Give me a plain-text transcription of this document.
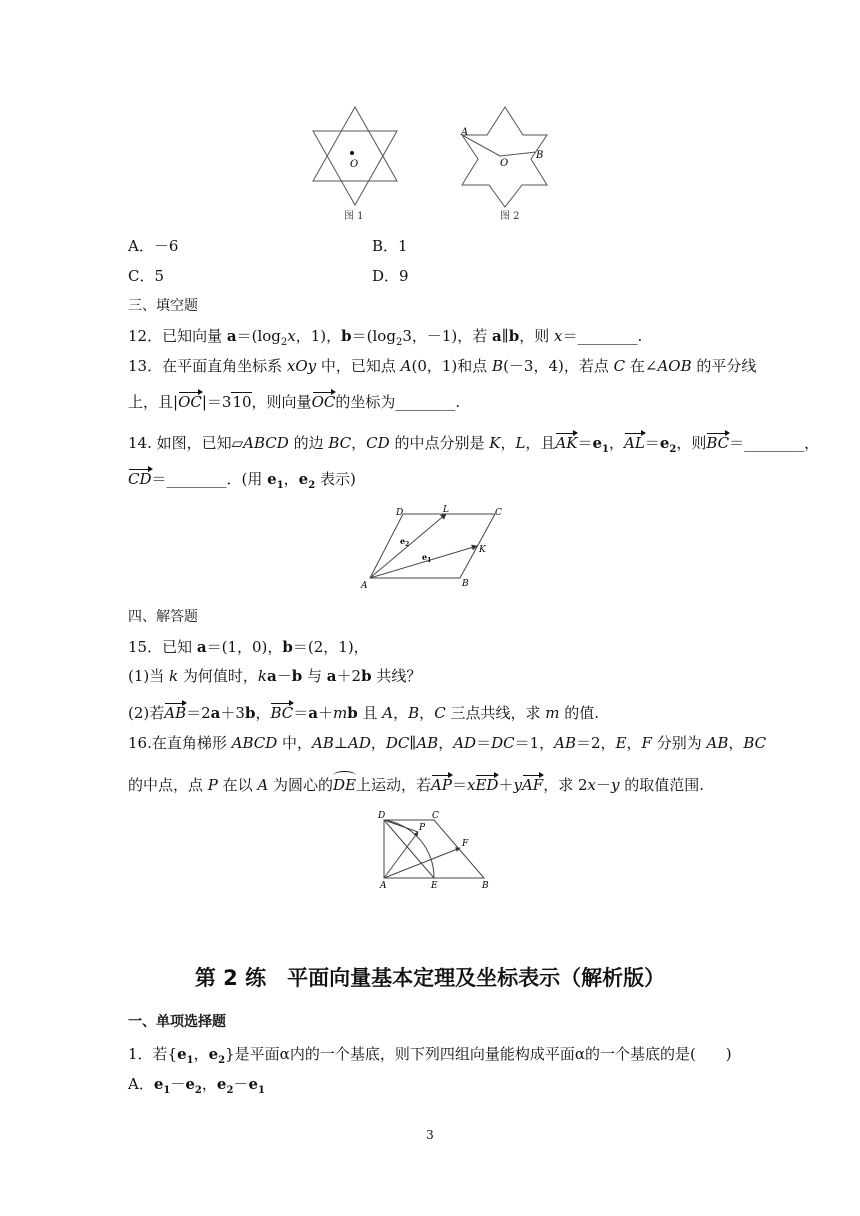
O
A
O
B
图 1	图 2
A．－6	B．1
C．5	D．9
三、填空题
12．已知向量 $a=(\log_2x$，1)，$b=(\log_23$，－1)，若 a∥b，则 x＝________.
13．在平面直角坐标系 xOy 中，已知点 A(0，1)和点 B(－3，4)，若点 C 在∠AOB 的平分线
上，且|OC|＝310，则向量OC的坐标为________.
14. 如图，已知▱ABCD 的边 BC，CD 的中点分别是 K，L，且$AK=e_1$，$AL=e_2$，则BC＝________，
CD＝________．(用 $e_1$，$e_2$ 表示)
D	L	C
K
A	B
$e_2$
$e_1$
四、解答题
15．已知 a＝(1，0)，b＝(2，1)，
(1)当 k 为何值时，ka－b 与 a＋2b 共线？
(2)若AB＝2a＋3b，BC＝a＋mb 且 A，B，C 三点共线，求 m 的值.
16.在直角梯形 ABCD 中，AB⊥AD，DC∥AB，AD＝DC＝1，AB＝2，E，F 分别为 AB，BC
的中点，点 P 在以 A 为圆心的DE上运动，若AP＝xED＋yAF，求 2x－y 的取值范围.
D	C
P
F
A	E	B
第 2 练　平面向量基本定理及坐标表示（解析版）
一、单项选择题
1．若{$e_1$，$e_2$}是平面α内的一个基底，则下列四组向量能构成平面α的一个基底的是(　　)
A．$e_1-e_2$，$e_2-e_1$
3
